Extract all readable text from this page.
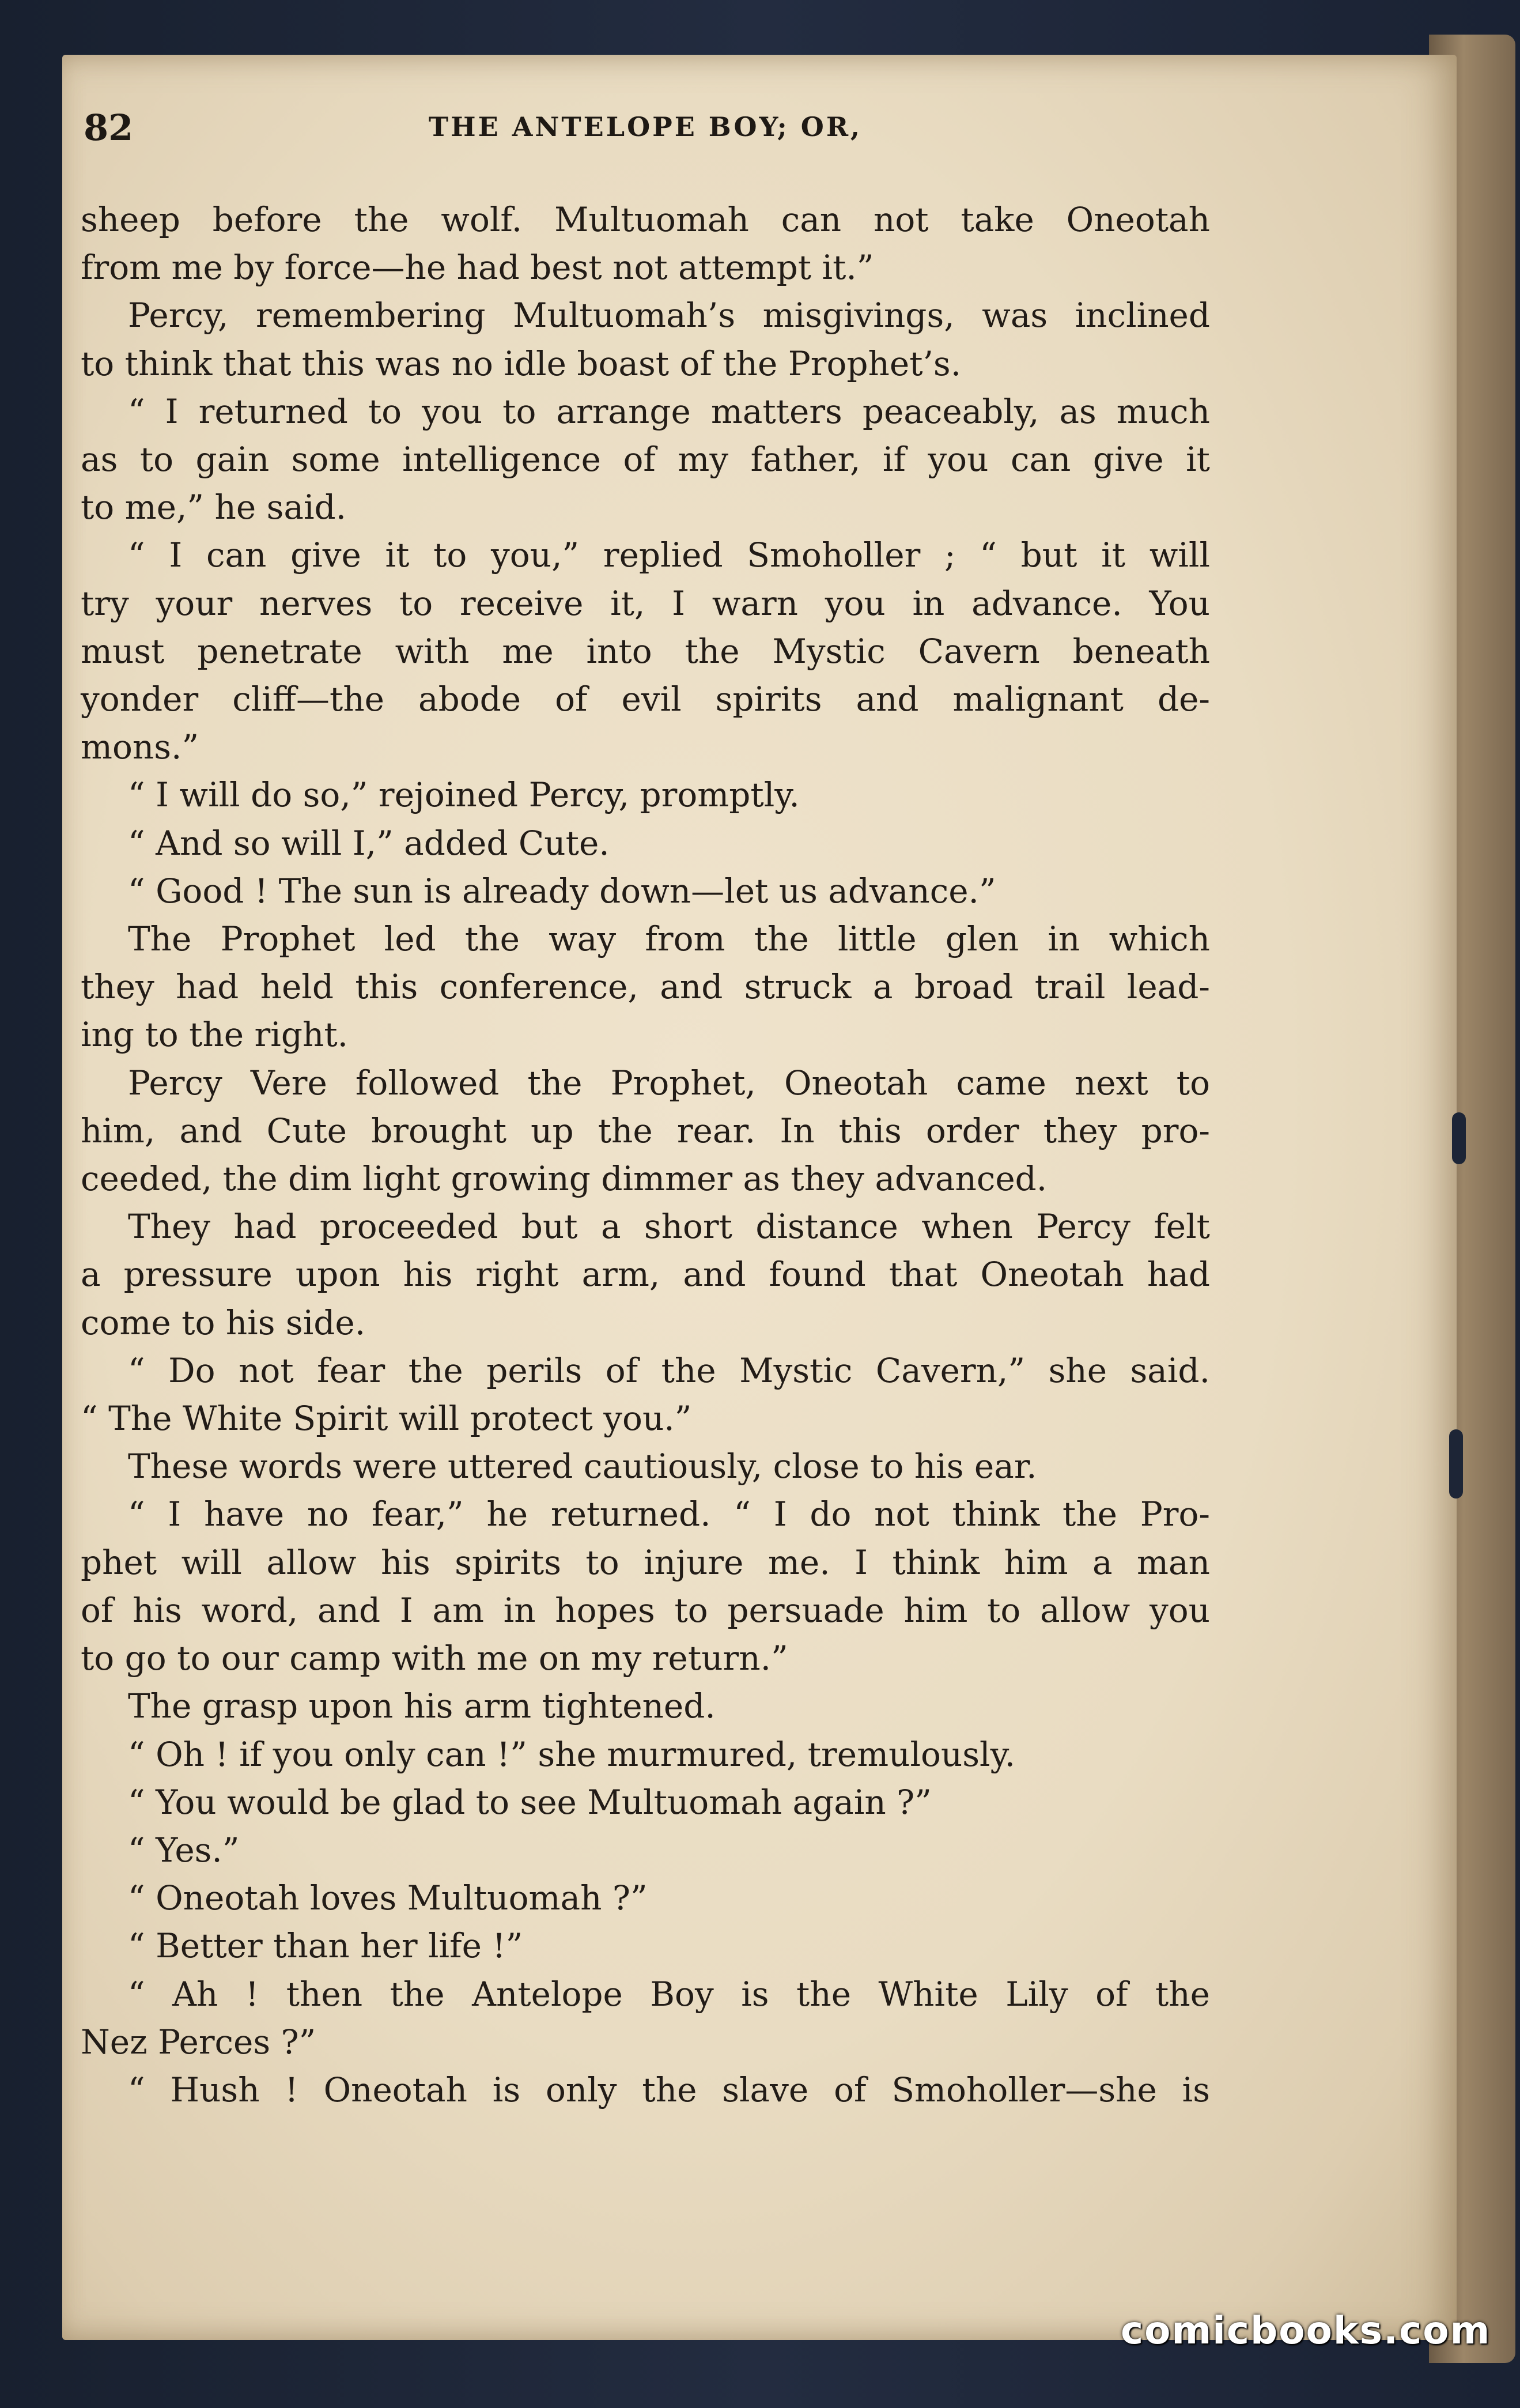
82	THE ANTELOPE BOY; OR,
sheep before the wolf. Multuomah can not take Oneotah
from me by force—he had best not attempt it.”
Percy, remembering Multuomah’s misgivings, was inclined
to think that this was no idle boast of the Prophet’s.
“ I returned to you to arrange matters peaceably, as much
as to gain some intelligence of my father, if you can give it
to me,” he said.
“ I can give it to you,” replied Smoholler ; “ but it will
try your nerves to receive it, I warn you in advance. You
must penetrate with me into the Mystic Cavern beneath
yonder cliff—the abode of evil spirits and malignant de-
mons.”
“ I will do so,” rejoined Percy, promptly.
“ And so will I,” added Cute.
“ Good ! The sun is already down—let us advance.”
The Prophet led the way from the little glen in which
they had held this conference, and struck a broad trail lead-
ing to the right.
Percy Vere followed the Prophet, Oneotah came next to
him, and Cute brought up the rear. In this order they pro-
ceeded, the dim light growing dimmer as they advanced.
They had proceeded but a short distance when Percy felt
a pressure upon his right arm, and found that Oneotah had
come to his side.
“ Do not fear the perils of the Mystic Cavern,” she said.
“ The White Spirit will protect you.”
These words were uttered cautiously, close to his ear.
“ I have no fear,” he returned. “ I do not think the Pro-
phet will allow his spirits to injure me. I think him a man
of his word, and I am in hopes to persuade him to allow you
to go to our camp with me on my return.”
The grasp upon his arm tightened.
“ Oh ! if you only can !” she murmured, tremulously.
“ You would be glad to see Multuomah again ?”
“ Yes.”
“ Oneotah loves Multuomah ?”
“ Better than her life !”
“ Ah ! then the Antelope Boy is the White Lily of the
Nez Perces ?”
“ Hush ! Oneotah is only the slave of Smoholler—she is
comicbooks.com
